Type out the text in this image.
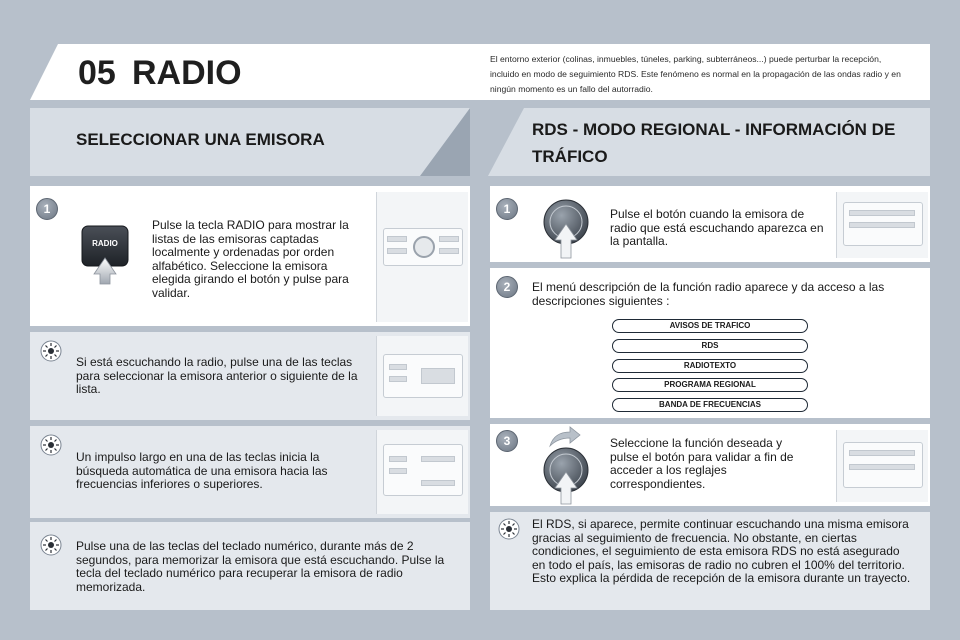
05 RADIO	El entorno exterior (colinas, inmuebles, túneles, parking, subterráneos...) puede perturbar la recepción, incluido en modo de seguimiento RDS. Este fenómeno es normal en la propagación de las ondas radio y en ningún momento es un fallo del autorradio.
SELECCIONAR UNA EMISORA
RDS - MODO REGIONAL - INFORMACIÓN DE TRÁFICO
1
RADIO
Pulse la tecla RADIO para mostrar la listas de las emisoras captadas localmente y ordenadas por orden alfabético. Seleccione la emisora elegida girando el botón y pulse para validar.
Si está escuchando la radio, pulse una de las teclas para seleccionar la emisora anterior o siguiente de la lista.
Un impulso largo en una de las teclas inicia la búsqueda automática de una emisora hacia las frecuencias inferiores o superiores.
Pulse una de las teclas del teclado numérico, durante más de 2 segundos, para memorizar la emisora que está escuchando. Pulse la tecla del teclado numérico para recuperar la emisora de radio memorizada.
1	Pulse el botón cuando la emisora de radio que está escuchando aparezca en la pantalla.
2	El menú descripción de la función radio aparece y da acceso a las descripciones siguientes :
AVISOS DE TRAFICO
RDS
RADIOTEXTO
PROGRAMA REGIONAL
BANDA DE FRECUENCIAS
3	Seleccione la función deseada y pulse el botón para validar a fin de acceder a los reglajes correspondientes.
El RDS, si aparece, permite continuar escuchando una misma emisora gracias al seguimiento de frecuencia. No obstante, en ciertas condiciones, el seguimiento de esta emisora RDS no está asegurado en todo el país, las emisoras de radio no cubren el 100% del territorio. Esto explica la pérdida de recepción de la emisora durante un trayecto.
